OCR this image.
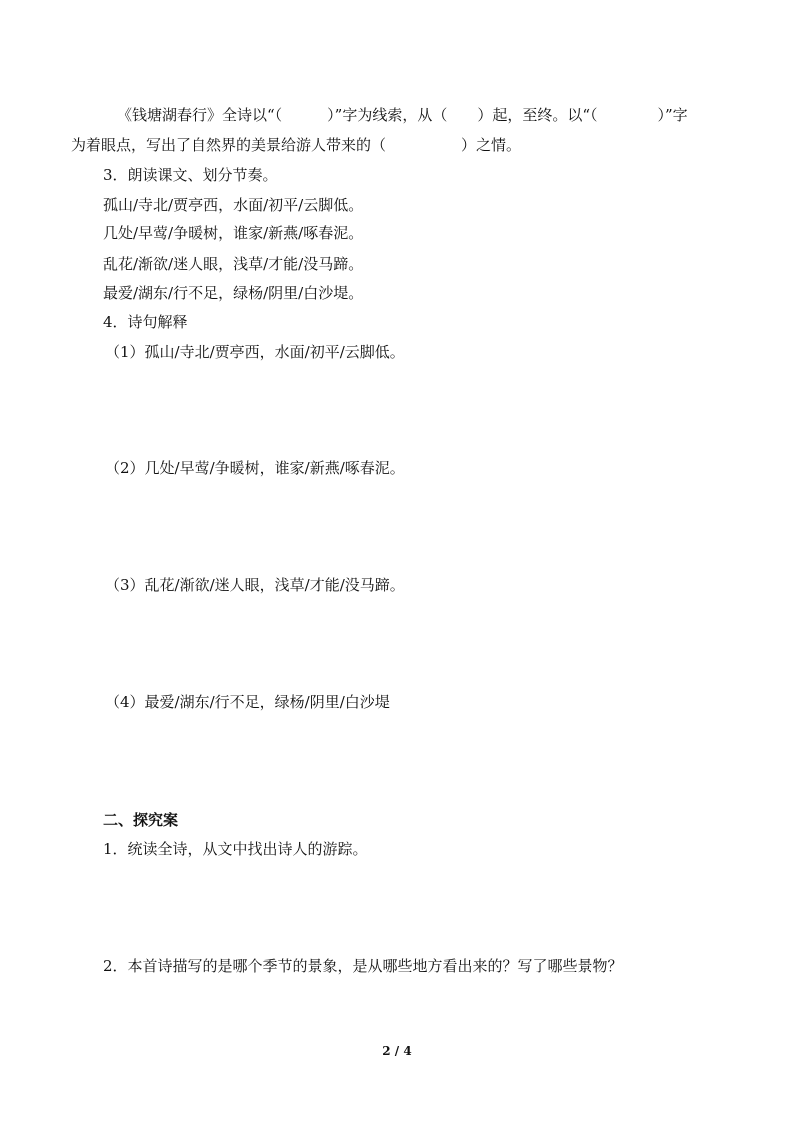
《钱塘湖春行》全诗以“（　　　）”字为线索，从（　　）起，至终。以“（　　　　）”字
为着眼点，写出了自然界的美景给游人带来的（　　　　　）之情。
3．朗读课文、划分节奏。
孤山/寺北/贾亭西，水面/初平/云脚低。
几处/早莺/争暖树，谁家/新燕/啄春泥。
乱花/渐欲/迷人眼，浅草/才能/没马蹄。
最爱/湖东/行不足，绿杨/阴里/白沙堤。
4．诗句解释
（1）孤山/寺北/贾亭西，水面/初平/云脚低。
（2）几处/早莺/争暖树，谁家/新燕/啄春泥。
（3）乱花/渐欲/迷人眼，浅草/才能/没马蹄。
（4）最爱/湖东/行不足，绿杨/阴里/白沙堤
二、探究案
1．统读全诗，从文中找出诗人的游踪。
2．本首诗描写的是哪个季节的景象，是从哪些地方看出来的？写了哪些景物？
2 / 4
